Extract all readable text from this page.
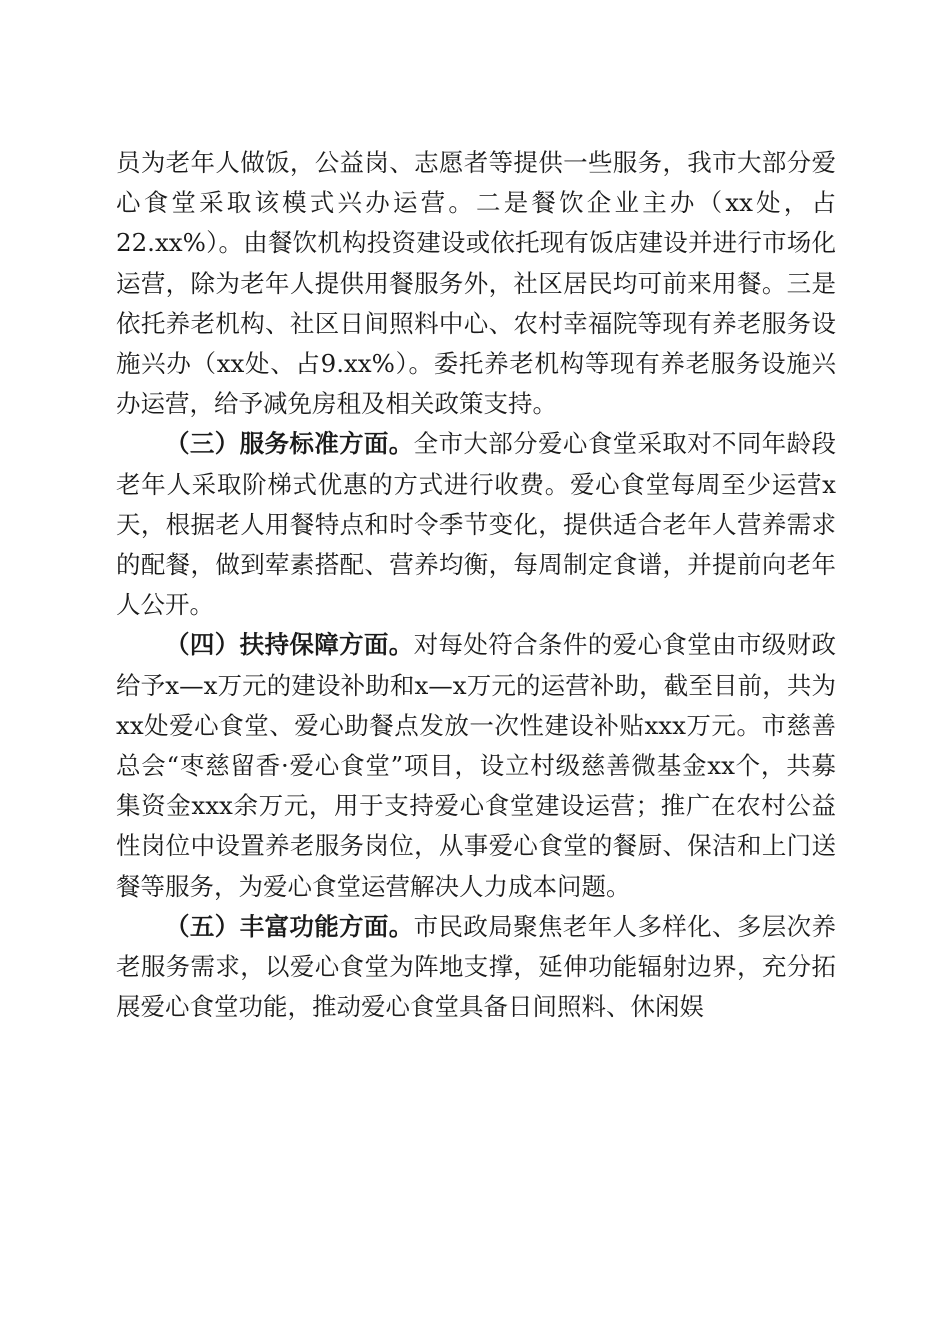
员为老年人做饭，公益岗、志愿者等提供一些服务，我市大部分爱心食堂采取该模式兴办运营。二是餐饮企业主办（xx处，占22.xx%）。由餐饮机构投资建设或依托现有饭店建设并进行市场化运营，除为老年人提供用餐服务外，社区居民均可前来用餐。三是依托养老机构、社区日间照料中心、农村幸福院等现有养老服务设施兴办（xx处、占9.xx%）。委托养老机构等现有养老服务设施兴办运营，给予减免房租及相关政策支持。

（三）服务标准方面。全市大部分爱心食堂采取对不同年龄段老年人采取阶梯式优惠的方式进行收费。爱心食堂每周至少运营x天，根据老人用餐特点和时令季节变化，提供适合老年人营养需求的配餐，做到荤素搭配、营养均衡，每周制定食谱，并提前向老年人公开。

（四）扶持保障方面。对每处符合条件的爱心食堂由市级财政给予x—x万元的建设补助和x—x万元的运营补助，截至目前，共为xx处爱心食堂、爱心助餐点发放一次性建设补贴xxx万元。市慈善总会“枣慈留香·爱心食堂”项目，设立村级慈善微基金xx个，共募集资金xxx余万元，用于支持爱心食堂建设运营；推广在农村公益性岗位中设置养老服务岗位，从事爱心食堂的餐厨、保洁和上门送餐等服务，为爱心食堂运营解决人力成本问题。

（五）丰富功能方面。市民政局聚焦老年人多样化、多层次养老服务需求，以爱心食堂为阵地支撑，延伸功能辐射边界，充分拓展爱心食堂功能，推动爱心食堂具备日间照料、休闲娱
